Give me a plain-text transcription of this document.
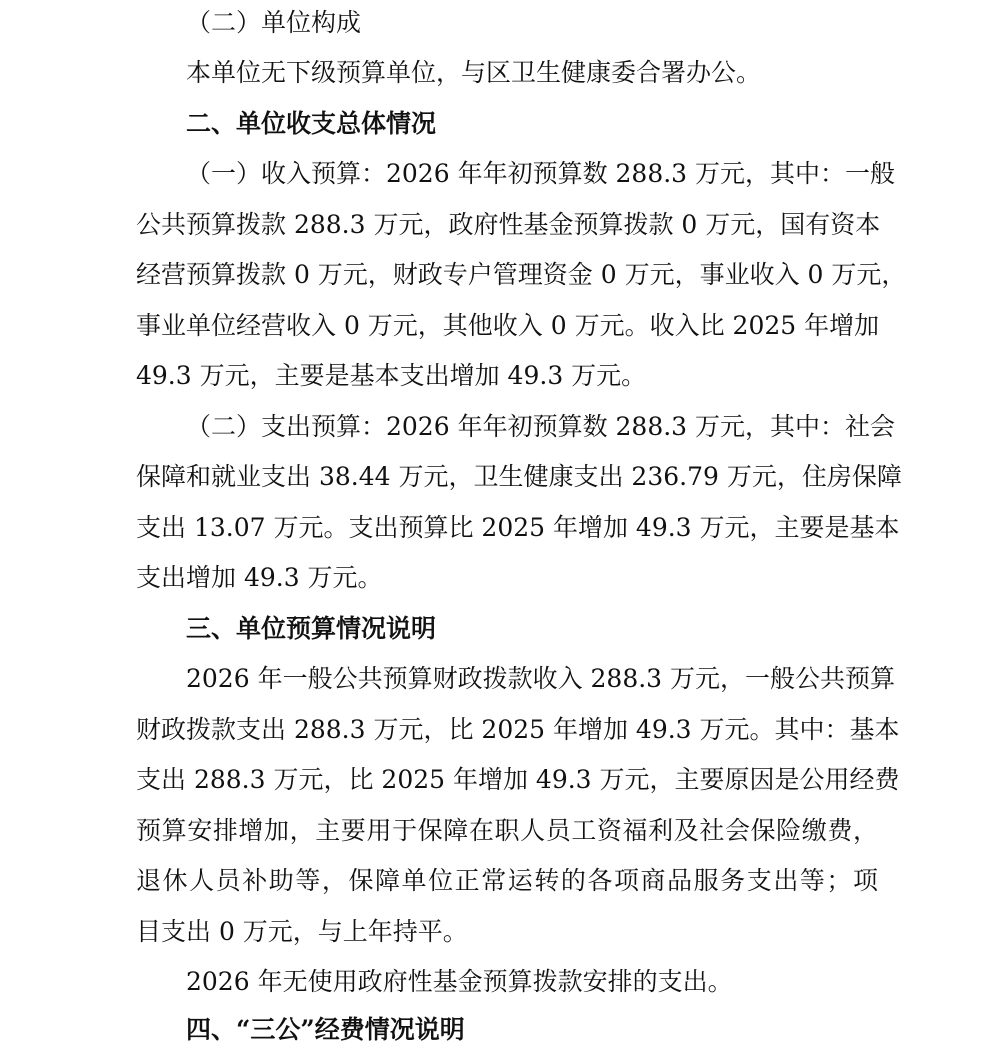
（二）单位构成
本单位无下级预算单位，与区卫生健康委合署办公。
二、单位收支总体情况
（一）收入预算：2026 年年初预算数 288.3 万元，其中：一般
公共预算拨款 288.3 万元，政府性基金预算拨款 0 万元，国有资本
经营预算拨款 0 万元，财政专户管理资金 0 万元，事业收入 0 万元，
事业单位经营收入 0 万元，其他收入 0 万元。收入比 2025 年增加
49.3 万元，主要是基本支出增加 49.3 万元。
（二）支出预算：2026 年年初预算数 288.3 万元，其中：社会
保障和就业支出 38.44 万元，卫生健康支出 236.79 万元，住房保障
支出 13.07 万元。支出预算比 2025 年增加 49.3 万元，主要是基本
支出增加 49.3 万元。
三、单位预算情况说明
2026 年一般公共预算财政拨款收入 288.3 万元，一般公共预算
财政拨款支出 288.3 万元，比 2025 年增加 49.3 万元。其中：基本
支出 288.3 万元，比 2025 年增加 49.3 万元，主要原因是公用经费
预算安排增加，主要用于保障在职人员工资福利及社会保险缴费，
退休人员补助等，保障单位正常运转的各项商品服务支出等；项
目支出 0 万元，与上年持平。
2026 年无使用政府性基金预算拨款安排的支出。
四、“三公”经费情况说明
